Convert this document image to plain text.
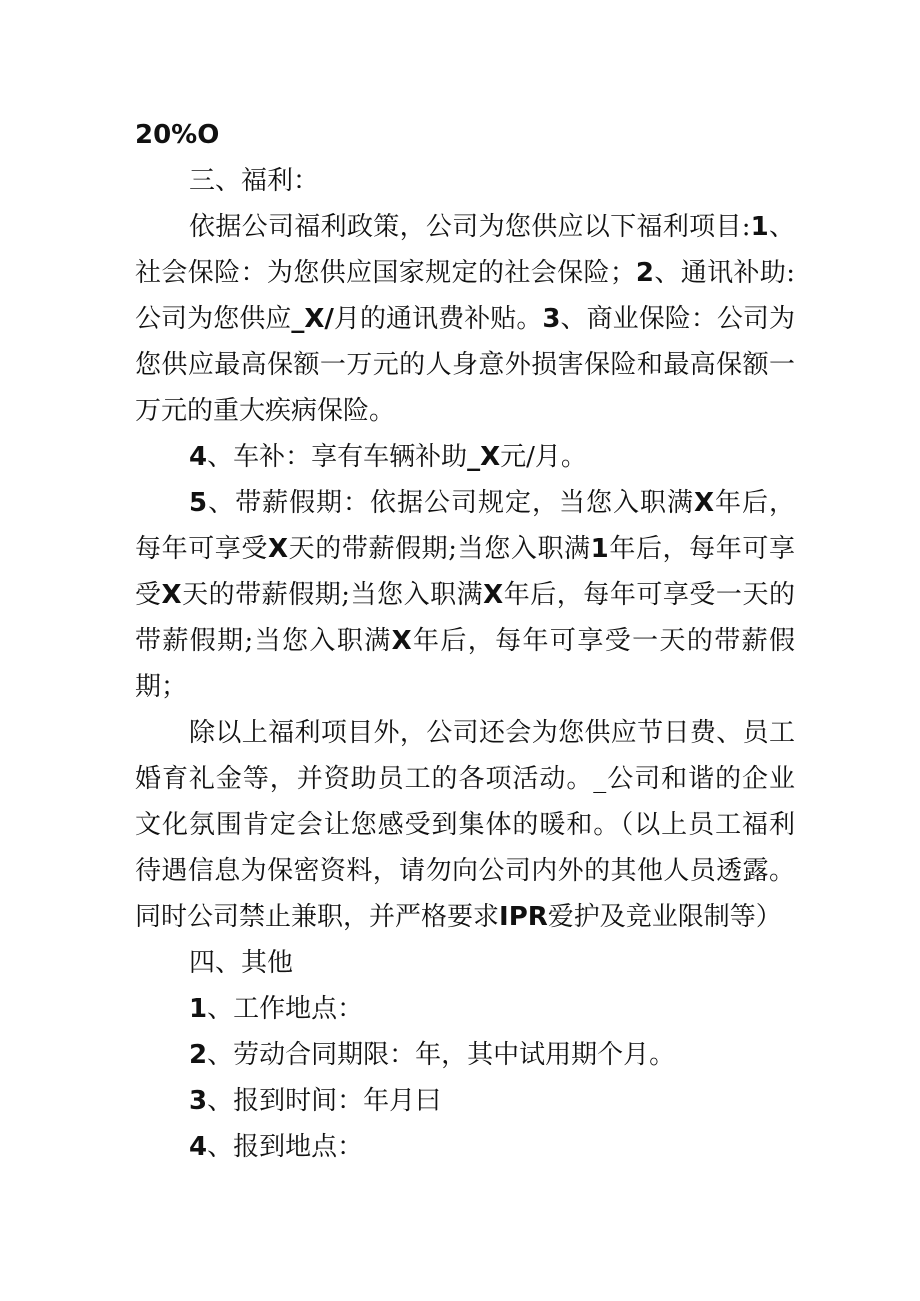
20%O

三、福利：

依据公司福利政策，公司为您供应以下福利项目:1、社会保险：为您供应国家规定的社会保险；2、通讯补助:公司为您供应_X/月的通讯费补贴。3、商业保险：公司为您供应最高保额一万元的人身意外损害保险和最高保额一万元的重大疾病保险。

4、车补：享有车辆补助_X元/月。

5、带薪假期：依据公司规定，当您入职满X年后，每年可享受X天的带薪假期;当您入职满1年后，每年可享受X天的带薪假期;当您入职满X年后，每年可享受一天的带薪假期;当您入职满X年后，每年可享受一天的带薪假期；

除以上福利项目外，公司还会为您供应节日费、员工婚育礼金等，并资助员工的各项活动。_公司和谐的企业文化氛围肯定会让您感受到集体的暖和。（以上员工福利待遇信息为保密资料，请勿向公司内外的其他人员透露。同时公司禁止兼职，并严格要求IPR爱护及竞业限制等）

四、其他

1、工作地点：

2、劳动合同期限：年，其中试用期个月。

3、报到时间：年月曰

4、报到地点：
